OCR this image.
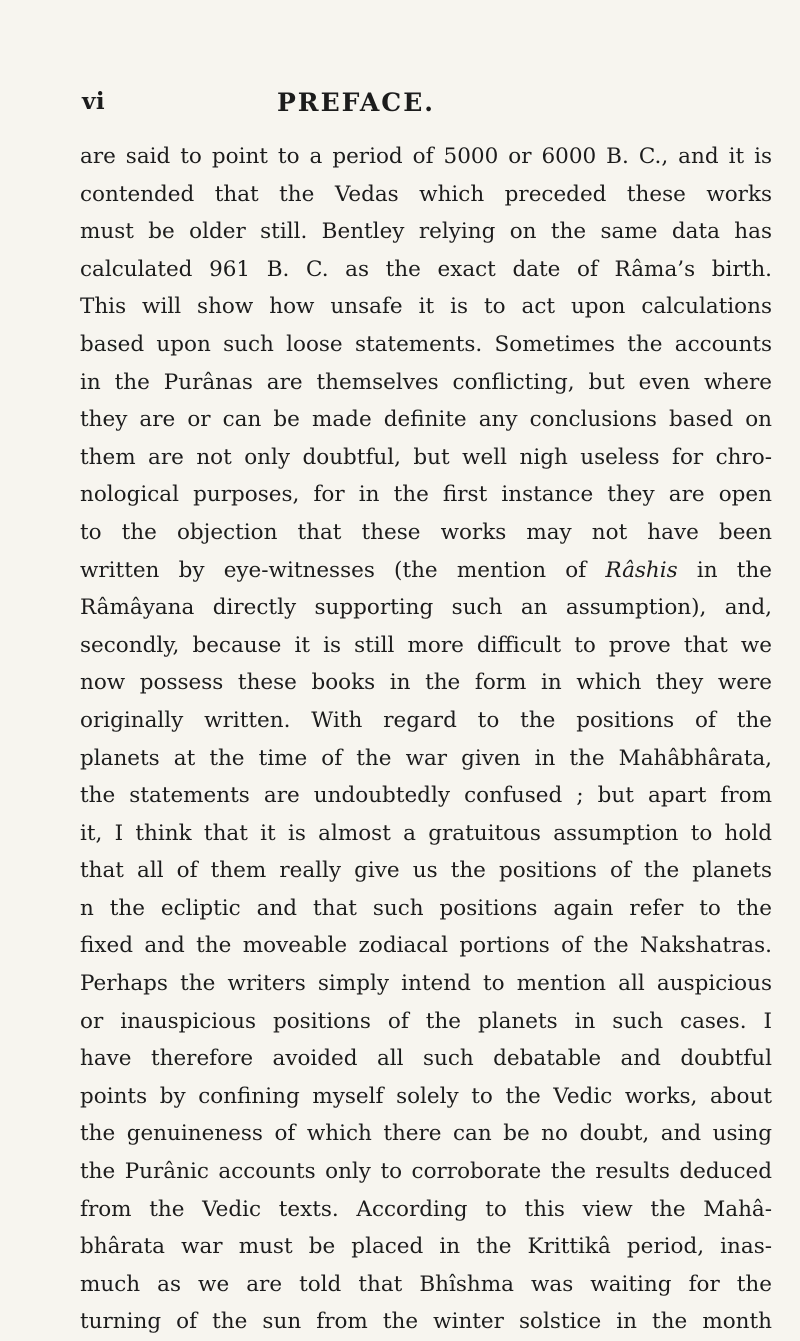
vi	PREFACE.
are said to point to a period of 5000 or 6000 B. C., and it is
contended that the Vedas which preceded these works
must be older still. Bentley relying on the same data has
calculated 961 B. C. as the exact date of Râma’s birth.
This will show how unsafe it is to act upon calculations
based upon such loose statements. Sometimes the accounts
in the Purânas are themselves conflicting, but even where
they are or can be made definite any conclusions based on
them are not only doubtful, but well nigh useless for chro-
nological purposes, for in the first instance they are open
to the objection that these works may not have been
written by eye-witnesses (the mention of Râshis in the
Râmâyana directly supporting such an assumption), and,
secondly, because it is still more difficult to prove that we
now possess these books in the form in which they were
originally written. With regard to the positions of the
planets at the time of the war given in the Mahâbhârata,
the statements are undoubtedly confused ; but apart from
it, I think that it is almost a gratuitous assumption to hold
that all of them really give us the positions of the planets
n the ecliptic and that such positions again refer to the
fixed and the moveable zodiacal portions of the Nakshatras.
Perhaps the writers simply intend to mention all auspicious
or inauspicious positions of the planets in such cases. I
have therefore avoided all such debatable and doubtful
points by confining myself solely to the Vedic works, about
the genuineness of which there can be no doubt, and using
the Purânic accounts only to corroborate the results deduced
from the Vedic texts. According to this view the Mahâ-
bhârata war must be placed in the Krittikâ period, inas-
much as we are told that Bhîshma was waiting for the
turning of the sun from the winter solstice in the month
